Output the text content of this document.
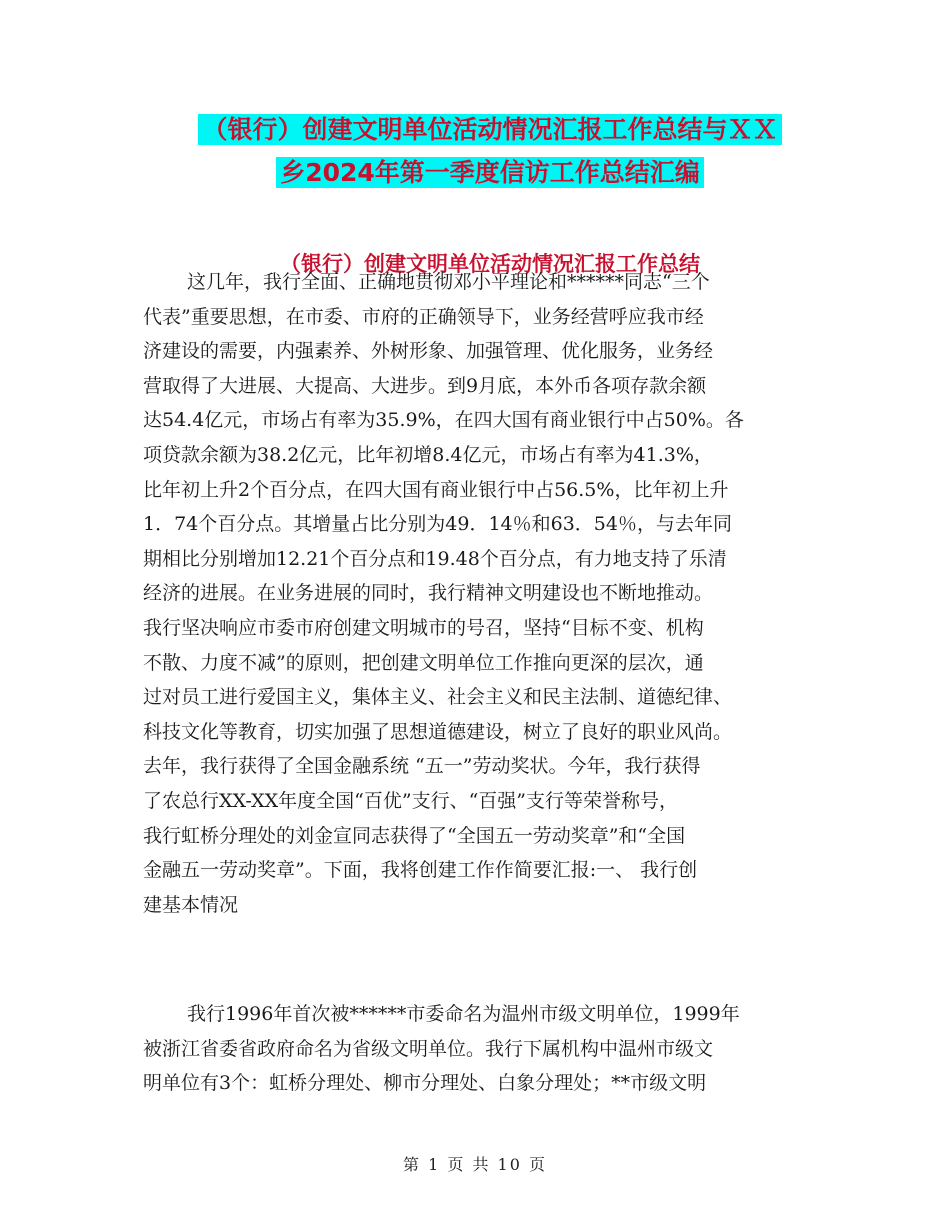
（银行）创建文明单位活动情况汇报工作总结与ＸＸ
乡2024年第一季度信访工作总结汇编
（银行）创建文明单位活动情况汇报工作总结
这几年，我行全面、正确地贯彻邓小平理论和******同志“三个
代表”重要思想，在市委、市府的正确领导下，业务经营呼应我市经
济建设的需要，内强素养、外树形象、加强管理、优化服务，业务经
营取得了大进展、大提高、大进步。到9月底，本外币各项存款余额
达54.4亿元，市场占有率为35.9%，在四大国有商业银行中占50%。各
项贷款余额为38.2亿元，比年初增8.4亿元，市场占有率为41.3%，
比年初上升2个百分点，在四大国有商业银行中占56.5%，比年初上升
1．74个百分点。其增量占比分别为49．14％和63．54％，与去年同
期相比分别增加12.21个百分点和19.48个百分点，有力地支持了乐清
经济的进展。在业务进展的同时，我行精神文明建设也不断地推动。
我行坚决响应市委市府创建文明城市的号召，坚持“目标不变、机构
不散、力度不减”的原则，把创建文明单位工作推向更深的层次，通
过对员工进行爱国主义，集体主义、社会主义和民主法制、道德纪律、
科技文化等教育，切实加强了思想道德建设，树立了良好的职业风尚。
去年，我行获得了全国金融系统 “五一”劳动奖状。今年，我行获得
了农总行XX-XX年度全国“百优”支行、“百强”支行等荣誉称号，
我行虹桥分理处的刘金宣同志获得了“全国五一劳动奖章”和“全国
金融五一劳动奖章”。下面，我将创建工作作简要汇报:一、 我行创
建基本情况
我行1996年首次被******市委命名为温州市级文明单位，1999年
被浙江省委省政府命名为省级文明单位。我行下属机构中温州市级文
明单位有3个：虹桥分理处、柳市分理处、白象分理处；**市级文明
第 1 页 共 10 页
